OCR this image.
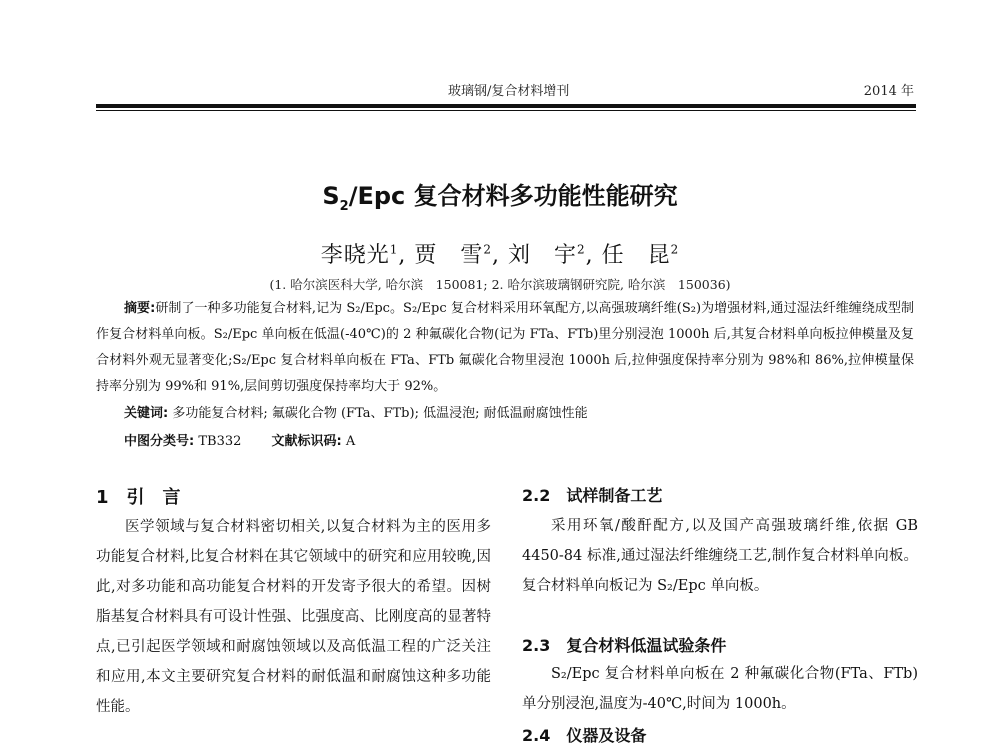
玻璃钢/复合材料增刊	2014 年
$S_2$/Epc 复合材料多功能性能研究
李晓光$^1$, 贾　雪$^2$, 刘　宇$^2$, 任　昆$^2$
(1. 哈尔滨医科大学, 哈尔滨　150081; 2. 哈尔滨玻璃钢研究院, 哈尔滨　150036)
摘要:研制了一种多功能复合材料,记为 S₂/Epc。S₂/Epc 复合材料采用环氧配方,以高强玻璃纤维(S₂)为增强材料,通过湿法纤维缠绕成型制作复合材料单向板。S₂/Epc 单向板在低温(-40℃)的 2 种氟碳化合物(记为 FTa、FTb)里分别浸泡 1000h 后,其复合材料单向板拉伸模量及复合材料外观无显著变化;S₂/Epc 复合材料单向板在 FTa、FTb 氟碳化合物里浸泡 1000h 后,拉伸强度保持率分别为 98%和 86%,拉伸模量保持率分别为 99%和 91%,层间剪切强度保持率均大于 92%。
关键词: 多功能复合材料; 氟碳化合物 (FTa、FTb); 低温浸泡; 耐低温耐腐蚀性能
中图分类号: TB332 文献标识码: A
1　引　言
医学领域与复合材料密切相关,以复合材料为主的医用多功能复合材料,比复合材料在其它领域中的研究和应用较晚,因此,对多功能和高功能复合材料的开发寄予很大的希望。因树脂基复合材料具有可设计性强、比强度高、比刚度高的显著特点,已引起医学领域和耐腐蚀领域以及高低温工程的广泛关注和应用,本文主要研究复合材料的耐低温和耐腐蚀这种多功能性能。
2.2　试样制备工艺
采用环氧/酸酐配方,以及国产高强玻璃纤维,依据 GB 4450-84 标准,通过湿法纤维缠绕工艺,制作复合材料单向板。复合材料单向板记为 S₂/Epc 单向板。
2.3　复合材料低温试验条件
S₂/Epc 复合材料单向板在 2 种氟碳化合物(FTa、FTb)单分别浸泡,温度为-40℃,时间为 1000h。
2.4　仪器及设备
